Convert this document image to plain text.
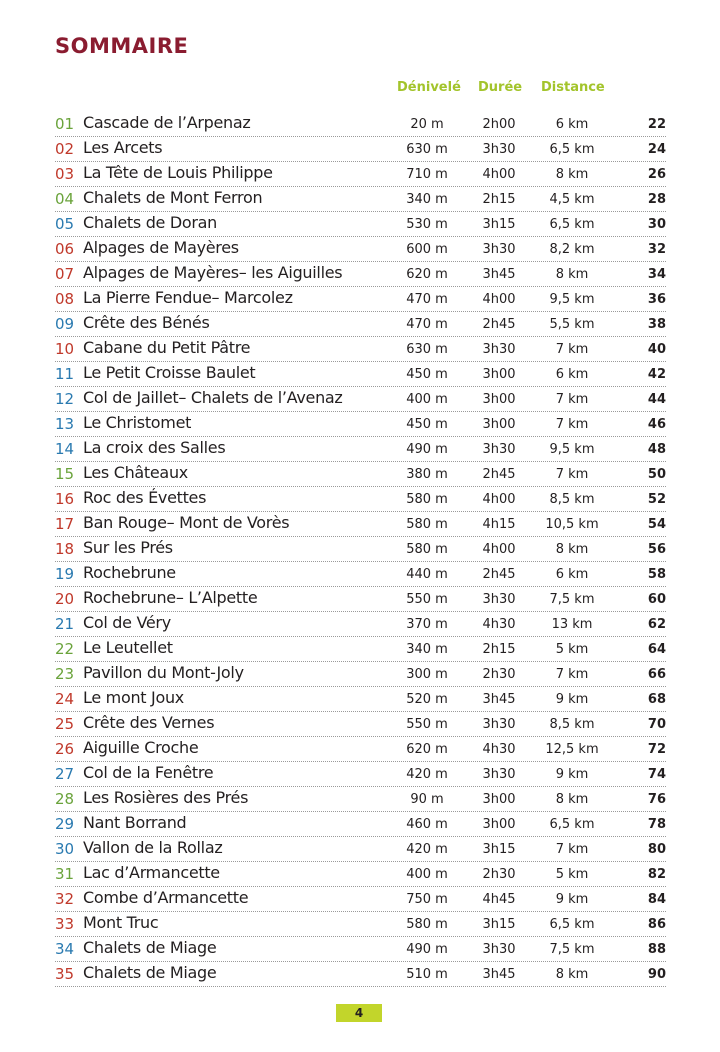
SOMMAIRE
Dénivelé Durée Distance
01 Cascade de l’Arpenaz	20 m	2h00	6 km	22
02 Les Arcets	630 m	3h30	6,5 km	24
03 La Tête de Louis Philippe	710 m	4h00	8 km	26
04 Chalets de Mont Ferron	340 m	2h15	4,5 km	28
05 Chalets de Doran	530 m	3h15	6,5 km	30
06 Alpages de Mayères	600 m	3h30	8,2 km	32
07 Alpages de Mayères– les Aiguilles	620 m	3h45	8 km	34
08 La Pierre Fendue– Marcolez	470 m	4h00	9,5 km	36
09 Crête des Bénés	470 m	2h45	5,5 km	38
10 Cabane du Petit Pâtre	630 m	3h30	7 km	40
11 Le Petit Croisse Baulet	450 m	3h00	6 km	42
12 Col de Jaillet– Chalets de l’Avenaz	400 m	3h00	7 km	44
13 Le Christomet	450 m	3h00	7 km	46
14 La croix des Salles	490 m	3h30	9,5 km	48
15 Les Châteaux	380 m	2h45	7 km	50
16 Roc des Évettes	580 m	4h00	8,5 km	52
17 Ban Rouge– Mont de Vorès	580 m	4h15	10,5 km	54
18 Sur les Prés	580 m	4h00	8 km	56
19 Rochebrune	440 m	2h45	6 km	58
20 Rochebrune– L’Alpette	550 m	3h30	7,5 km	60
21 Col de Véry	370 m	4h30	13 km	62
22 Le Leutellet	340 m	2h15	5 km	64
23 Pavillon du Mont-Joly	300 m	2h30	7 km	66
24 Le mont Joux	520 m	3h45	9 km	68
25 Crête des Vernes	550 m	3h30	8,5 km	70
26 Aiguille Croche	620 m	4h30	12,5 km	72
27 Col de la Fenêtre	420 m	3h30	9 km	74
28 Les Rosières des Prés	90 m	3h00	8 km	76
29 Nant Borrand	460 m	3h00	6,5 km	78
30 Vallon de la Rollaz	420 m	3h15	7 km	80
31 Lac d’Armancette	400 m	2h30	5 km	82
32 Combe d’Armancette	750 m	4h45	9 km	84
33 Mont Truc	580 m	3h15	6,5 km	86
34 Chalets de Miage	490 m	3h30	7,5 km	88
35 Chalets de Miage	510 m	3h45	8 km	90
4
